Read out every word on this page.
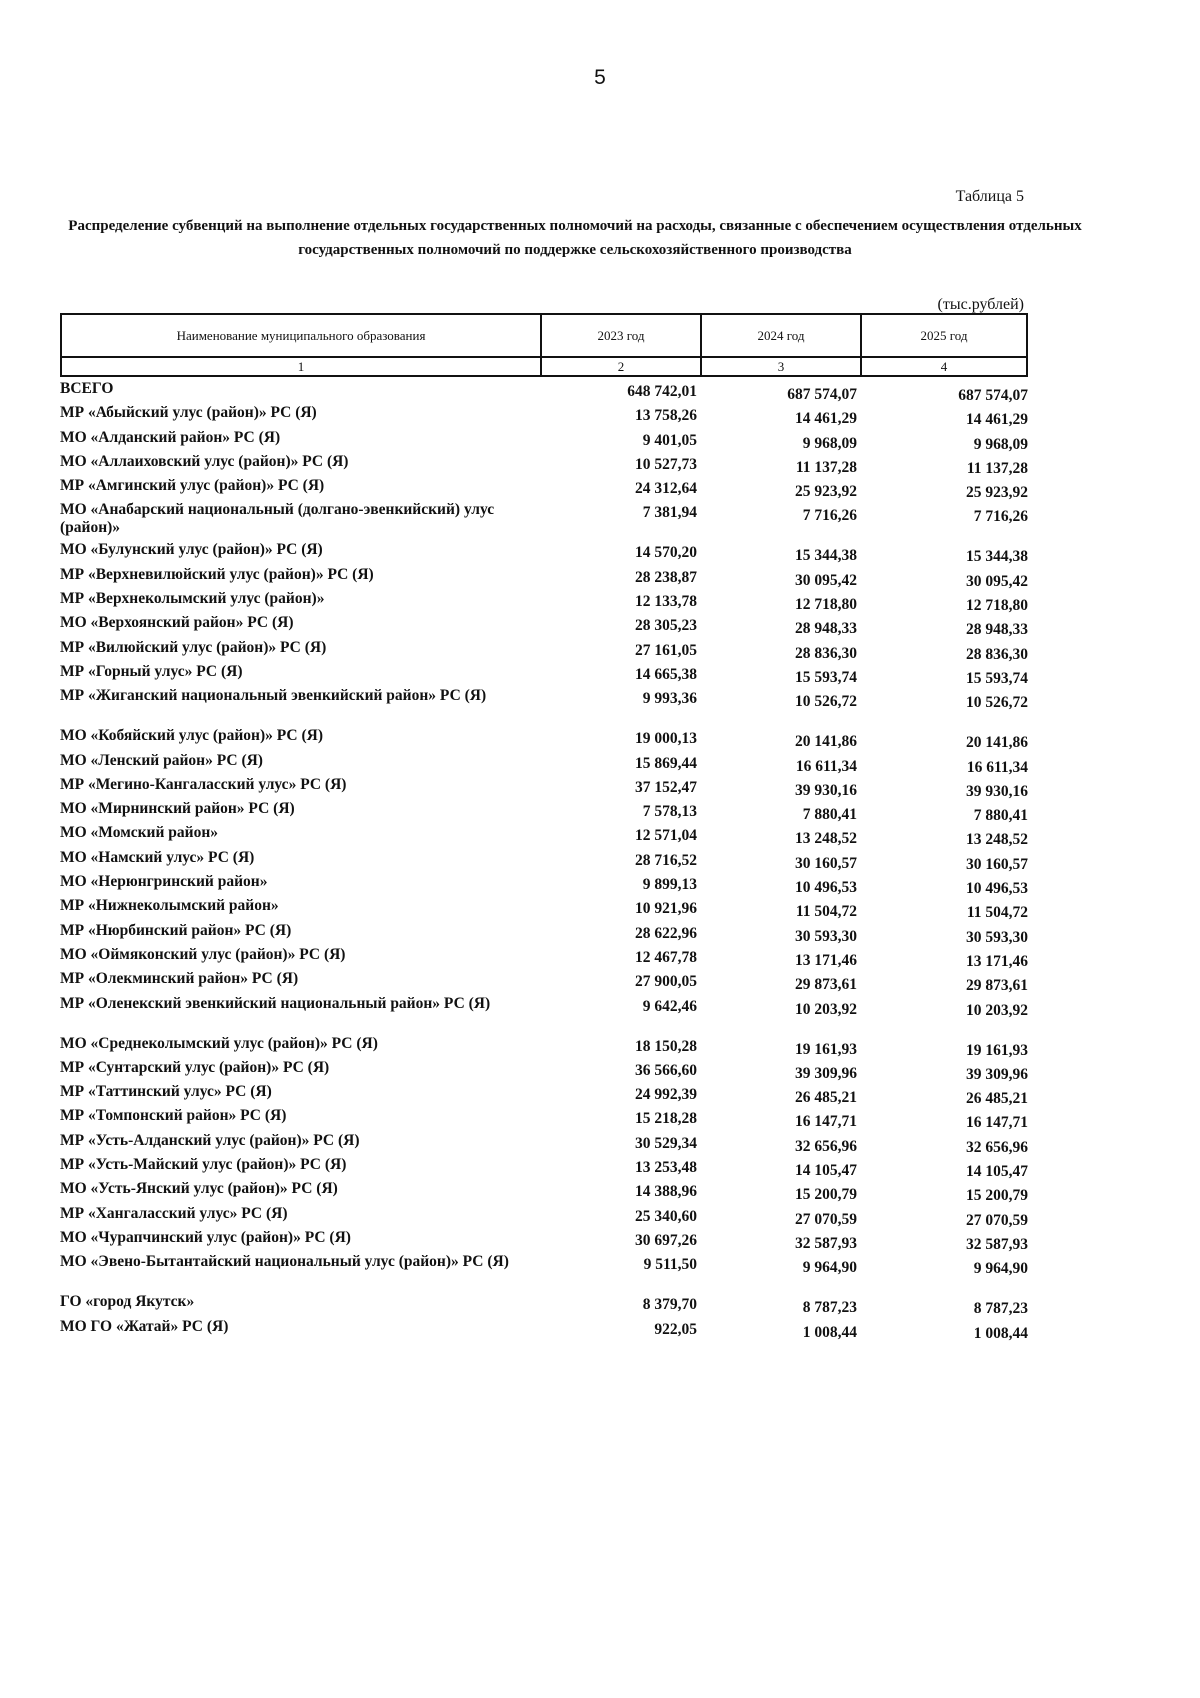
5
Таблица 5
Распределение субвенций на выполнение отдельных государственных полномочий на расходы, связанные с обеспечением осуществления отдельных государственных полномочий по поддержке сельскохозяйственного производства
(тыс.рублей)
Наименование муниципального образования	2023 год	2024 год	2025 год
1	2	3	4
ВСЕГО	648 742,01	687 574,07	687 574,07
МР «Абыйский улус (район)» РС (Я)	13 758,26	14 461,29	14 461,29
МО «Алданский район» РС (Я)	9 401,05	9 968,09	9 968,09
МО «Аллаиховский улус (район)» РС (Я)	10 527,73	11 137,28	11 137,28
МР «Амгинский улус (район)» РС (Я)	24 312,64	25 923,92	25 923,92
МО «Анабарский национальный (долгано-эвенкийский) улус (район)»
7 381,94	7 716,26	7 716,26
МО «Булунский улус (район)» РС (Я)	14 570,20	15 344,38	15 344,38
МР «Верхневилюйский улус (район)» РС (Я)	28 238,87	30 095,42	30 095,42
МР «Верхнеколымский улус (район)»	12 133,78	12 718,80	12 718,80
МО «Верхоянский район» РС (Я)	28 305,23	28 948,33	28 948,33
МР «Вилюйский улус (район)» РС (Я)	27 161,05	28 836,30	28 836,30
МР «Горный улус» РС (Я)	14 665,38	15 593,74	15 593,74
МР «Жиганский национальный эвенкийский район» РС (Я)	9 993,36	10 526,72	10 526,72
МО «Кобяйский улус (район)» РС (Я)	19 000,13	20 141,86	20 141,86
МО «Ленский район» РС (Я)	15 869,44	16 611,34	16 611,34
МР «Мегино-Кангаласский улус» РС (Я)	37 152,47	39 930,16	39 930,16
МО «Мирнинский район» РС (Я)	7 578,13	7 880,41	7 880,41
МО «Момский район»	12 571,04	13 248,52	13 248,52
МО «Намский улус» РС (Я)	28 716,52	30 160,57	30 160,57
МО «Нерюнгринский район»	9 899,13	10 496,53	10 496,53
МР «Нижнеколымский район»	10 921,96	11 504,72	11 504,72
МР «Нюрбинский район» РС (Я)	28 622,96	30 593,30	30 593,30
МО «Оймяконский улус (район)» РС (Я)	12 467,78	13 171,46	13 171,46
МР «Олекминский район» РС (Я)	27 900,05	29 873,61	29 873,61
МР «Оленекский эвенкийский национальный район» РС (Я)	9 642,46	10 203,92	10 203,92
МО «Среднеколымский улус (район)» РС (Я)	18 150,28	19 161,93	19 161,93
МР «Сунтарский улус (район)» РС (Я)	36 566,60	39 309,96	39 309,96
МР «Таттинский улус» РС (Я)	24 992,39	26 485,21	26 485,21
МР «Томпонский район» РС (Я)	15 218,28	16 147,71	16 147,71
МР «Усть-Алданский улус (район)» РС (Я)	30 529,34	32 656,96	32 656,96
МР «Усть-Майский улус (район)» РС (Я)	13 253,48	14 105,47	14 105,47
МО «Усть-Янский улус (район)» РС (Я)	14 388,96	15 200,79	15 200,79
МР «Хангаласский улус» РС (Я)	25 340,60	27 070,59	27 070,59
МО «Чурапчинский улус (район)» РС (Я)	30 697,26	32 587,93	32 587,93
МО «Эвено-Бытантайский национальный улус (район)» РС (Я)	9 511,50	9 964,90	9 964,90
ГО «город Якутск»	8 379,70	8 787,23	8 787,23
МО ГО «Жатай» РС (Я)	922,05	1 008,44	1 008,44
